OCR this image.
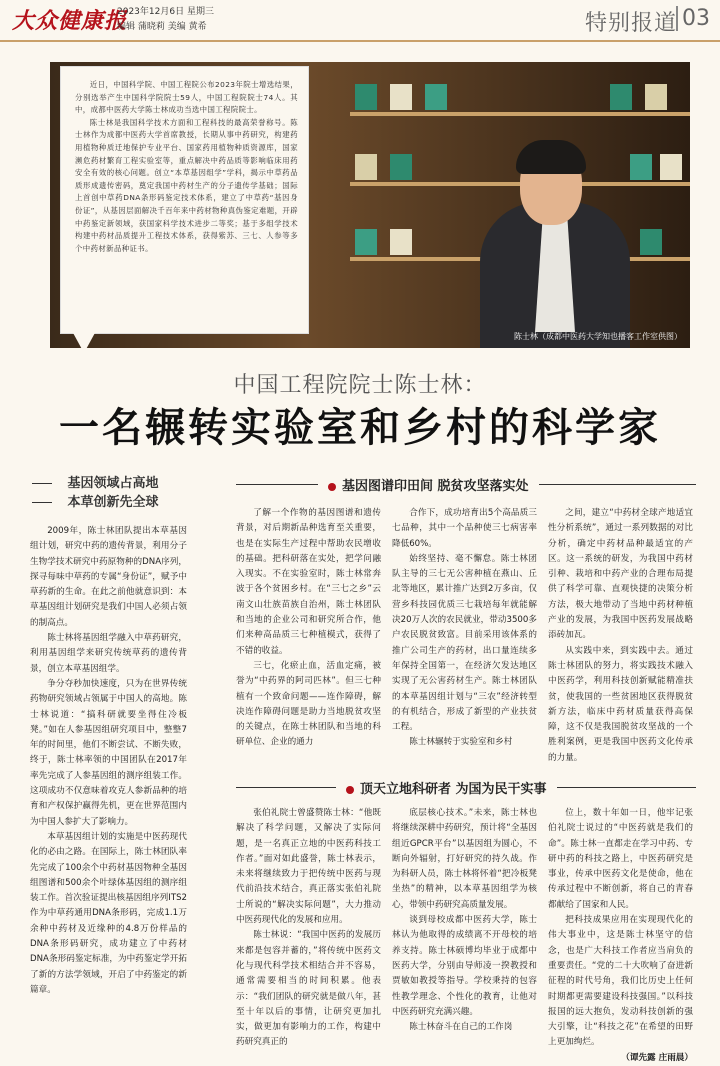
大众健康报
2023年12月6日 星期三
编辑 蒲晓莉 美编 黄希	特别报道 03
陈士林（成都中医药大学知也播客工作室供图）

近日，中国科学院、中国工程院公布2023年院士增选结果，分别选举产生中国科学院院士59人，中国工程院院士74人。其中，成都中医药大学陈士林成功当选中国工程院院士。

陈士林是我国科学技术方面和工程科技的最高荣誉称号。陈士林作为成都中医药大学首席教授，长期从事中药研究，构建药用植物种质迁地保护专业平台、国家药用植物种质资源库，国家濒危药材繁育工程实验室等，重点解决中药品质等影响临床用药安全有效的核心问题。创立“本草基因组学”学科，揭示中草药品质形成遗传密码，奠定我国中药材生产的分子遗传学基础；国际上首创中草药DNA条形码鉴定技术体系，建立了中草药“基因身份证”，从基因层面解决千百年来中药材物种真伪鉴定难题，开辟中药鉴定新领域，获国家科学技术进步二等奖；基于多组学技术构建中药材品质提升工程技术体系，获得紫苏、三七、人参等多个中药材新品种证书。

中国工程院院士陈士林：
一名辗转实验室和乡村的科学家
基因领域占高地
本草创新先全球
基因图谱印田间 脱贫攻坚落实处

2009年，陈士林团队提出本草基因组计划，研究中药的遗传背景，利用分子生物学技术研究中药原物种的DNA序列，探寻每味中草药的专属“身份证”，赋予中草药新的生命。在此之前他就意识到：本草基因组计划研究是我们中国人必须占领的制高点。

陈士林将基因组学融入中草药研究，利用基因组学来研究传统草药的遗传背景，创立本草基因组学。

争分夺秒加快速度，只为在世界传统药物研究领域占领属于中国人的高地。陈士林说道：“搞科研就要坐得住冷板凳。”如在人参基因组研究项目中，整整7年的时间里，他们不断尝试、不断失败，终于，陈士林率领的中国团队在2017年率先完成了人参基因组的测序组装工作。这项成功不仅意味着攻克人参新品种的培育和产权保护赢得先机，更在世界范围内为中国人参扩大了影响力。

本草基因组计划的实施是中医药现代化的必由之路。在国际上，陈士林团队率先完成了100余个中药材基因物种全基因组图谱和500余个叶绿体基因组的测序组装工作。首次验证提出核基因组序列ITS2作为中草药通用DNA条形码，完成1.1万余种中药材及近缘种的4.8万份样品的DNA条形码研究，成功建立了中药材DNA条形码鉴定标准，为中药鉴定学开拓了新的方法学领域，开启了中药鉴定的新篇章。

了解一个作物的基因图谱和遗传背景，对后期新品种选育至关重要，也是在实际生产过程中帮助农民增收的基础。把科研落在实处，把学问融入现实。不在实验室时，陈士林常奔波于各个贫困乡村。在“三七之乡”云南文山壮族苗族自治州，陈士林团队和当地的企业公司和研究所合作，他们来种高品质三七种植模式，获得了不错的收益。

三七，化瘀止血，活血定痛，被誉为“中药界的阿司匹林”。但三七种植有一个致命问题——连作障碍，解决连作障碍问题是助力当地脱贫攻坚的关键点，在陈士林团队和当地的科研单位、企业的通力

合作下，成功培育出5个高品质三七品种，其中一个品种使三七病害率降低60%。

始终坚持、毫不懈怠。陈士林团队主导的三七无公害种植在燕山、丘北等地区，累计推广达到2万多亩，仅营乡科技园优质三七栽培每年就能解决20万人次的农民就业，带动3500多户农民脱贫致富。目前采用该体系的推广公司生产的药材，出口量连续多年保持全国第一，在经济欠发达地区实现了无公害药材生产。陈士林团队的本草基因组计划与“三农”经济转型的有机结合，形成了新型的产业扶贫工程。

陈士林辗转于实验室和乡村

之间，建立“中药材全球产地适宜性分析系统”，通过一系列数据的对比分析，确定中药材品种最适宜的产区。这一系统的研发，为我国中药材引种、栽培和中药产业的合理布局提供了科学可靠、直观快捷的决策分析方法，极大地带动了当地中药材种植产业的发展，为我国中医药发展战略添砖加瓦。

从实践中来，到实践中去。通过陈士林团队的努力，将实践技术融入中医药学，利用科技创新赋能精准扶贫，使我国的一些贫困地区获得脱贫新方法，临床中药材质量获得高保障，这不仅是我国脱贫攻坚战的一个胜利案例，更是我国中医药文化传承的力量。

顶天立地科研者 为国为民干实事

张伯礼院士曾盛赞陈士林：“他既解决了科学问题，又解决了实际问题，是一名真正立地的中医药科技工作者。”面对如此盛誉，陈士林表示，未来将继续致力于把传统中医药与现代前沿技术结合，真正落实张伯礼院士所说的“解决实际问题”，大力推动中医药现代化的发展和应用。

陈士林说：“我国中医药的发展历来都是包容并蓄的，”将传统中医药文化与现代科学技术相结合并不容易，通常需要相当的时间积累。他表示：“我们团队的研究就是做八年，甚至十年以后的事情，让研究更加扎实，做更加有影响力的工作，构建中药研究真正的

底层核心技术。”未来，陈士林也将继续深耕中药研究，预计将“全基因组近GPCR平台”以基因组为圆心，不断向外辐射，打好研究的持久战。作为科研人员，陈士林将怀着“把冷板凳坐热”的精神，以本草基因组学为核心，带领中药研究高质量发展。

谈到母校成都中医药大学，陈士林认为他取得的成绩离不开母校的培养支持。陈士林硕博均毕业于成都中医药大学，分别由导师凌一揆教授和贾敏如教授等指导。学校秉持的包容性教学理念、个性化的教育，让他对中医药研究充满兴趣。

陈士林奋斗在自己的工作岗

位上，数十年如一日，他牢记张伯礼院士说过的“中医药就是我们的命”。陈士林一直都走在学习中药、专研中药的科技之路上，中医药研究是事业，传承中医药文化是使命，他在传承过程中不断创新，将自己的青春都献给了国家和人民。

把科技成果应用在实现现代化的伟大事业中，这是陈士林坚守的信念，也是广大科技工作者应当肩负的重要责任。“党的二十大吹响了奋进新征程的时代号角，我们比历史上任何时期都更需要建设科技强国。”以科技报国的远大抱负，发动科技创新的强大引擎，让“科技之花”在希望的田野上更加绚烂。

（谭先露 庄雨晨）
